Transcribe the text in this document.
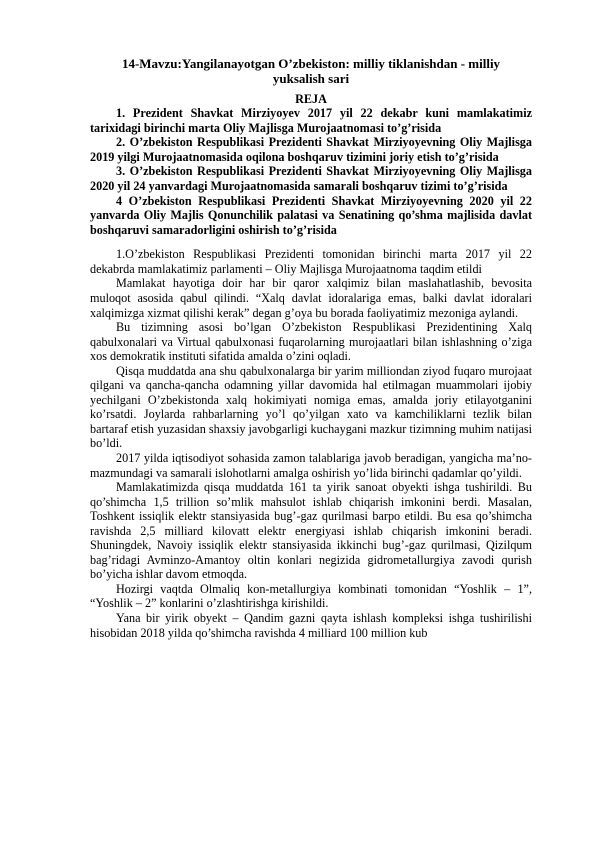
14-Mavzu:Yangilanayotgan O’zbekiston: milliy tiklanishdan - milliy yuksalish sari
REJA

1. Prezident Shavkat Mirziyoyev 2017 yil 22 dekabr kuni mamlakatimiz tarixidagi birinchi marta Oliy Majlisga Murojaatnomasi to’g’risida

2. O’zbekiston Respublikasi Prezidenti Shavkat Mirziyoyevning Oliy Majlisga 2019 yilgi Murojaatnomasida oqilona boshqaruv tizimini joriy etish to’g’risida

3. O’zbekiston Respublikasi Prezidenti Shavkat Mirziyoyevning Oliy Majlisga 2020 yil 24 yanvardagi Murojaatnomasida samarali boshqaruv tizimi to’g’risida

4 O’zbekiston Respublikasi Prezidenti Shavkat Mirziyoyevning 2020 yil 22 yanvarda Oliy Majlis Qonunchilik palatasi va Senatining qo’shma majlisida davlat boshqaruvi samaradorligini oshirish to’g’risida

1.O’zbekiston Respublikasi Prezidenti tomonidan birinchi marta 2017 yil 22 dekabrda mamlakatimiz parlamenti – Oliy Majlisga Murojaatnoma taqdim etildi

Mamlakat hayotiga doir har bir qaror xalqimiz bilan maslahatlashib, bevosita muloqot asosida qabul qilindi. “Xalq davlat idoralariga emas, balki davlat idoralari xalqimizga xizmat qilishi kerak” degan g’oya bu borada faoliyatimiz mezoniga aylandi.

Bu tizimning asosi bo’lgan O’zbekiston Respublikasi Prezidentining Xalq qabulxonalari va Virtual qabulxonasi fuqarolarning murojaatlari bilan ishlashning o’ziga xos demokratik instituti sifatida amalda o’zini oqladi.

Qisqa muddatda ana shu qabulxonalarga bir yarim milliondan ziyod fuqaro murojaat qilgani va qancha-qancha odamning yillar davomida hal etilmagan muammolari ijobiy yechilgani O’zbekistonda xalq hokimiyati nomiga emas, amalda joriy etilayotganini ko’rsatdi. Joylarda rahbarlarning yo’l qo’yilgan xato va kamchiliklarni tezlik bilan bartaraf etish yuzasidan shaxsiy javobgarligi kuchaygani mazkur tizimning muhim natijasi bo’ldi.

2017 yilda iqtisodiyot sohasida zamon talablariga javob beradigan, yangicha ma’no-mazmundagi va samarali islohotlarni amalga oshirish yo’lida birinchi qadamlar qo’yildi.

Mamlakatimizda qisqa muddatda 161 ta yirik sanoat obyekti ishga tushirildi. Bu qo’shimcha 1,5 trillion so’mlik mahsulot ishlab chiqarish imkonini berdi. Masalan, Toshkent issiqlik elektr stansiyasida bug’-gaz qurilmasi barpo etildi. Bu esa qo’shimcha ravishda 2,5 milliard kilovatt elektr energiyasi ishlab chiqarish imkonini beradi. Shuningdek, Navoiy issiqlik elektr stansiyasida ikkinchi bug’-gaz qurilmasi, Qizilqum bag’ridagi Avminzo-Amantoy oltin konlari negizida gidrometallurgiya zavodi qurish bo’yicha ishlar davom etmoqda.

Hozirgi vaqtda Olmaliq kon-metallurgiya kombinati tomonidan “Yoshlik – 1”, “Yoshlik – 2” konlarini o’zlashtirishga kirishildi.

Yana bir yirik obyekt – Qandim gazni qayta ishlash kompleksi ishga tushirilishi hisobidan 2018 yilda qo’shimcha ravishda 4 milliard 100 million kub
